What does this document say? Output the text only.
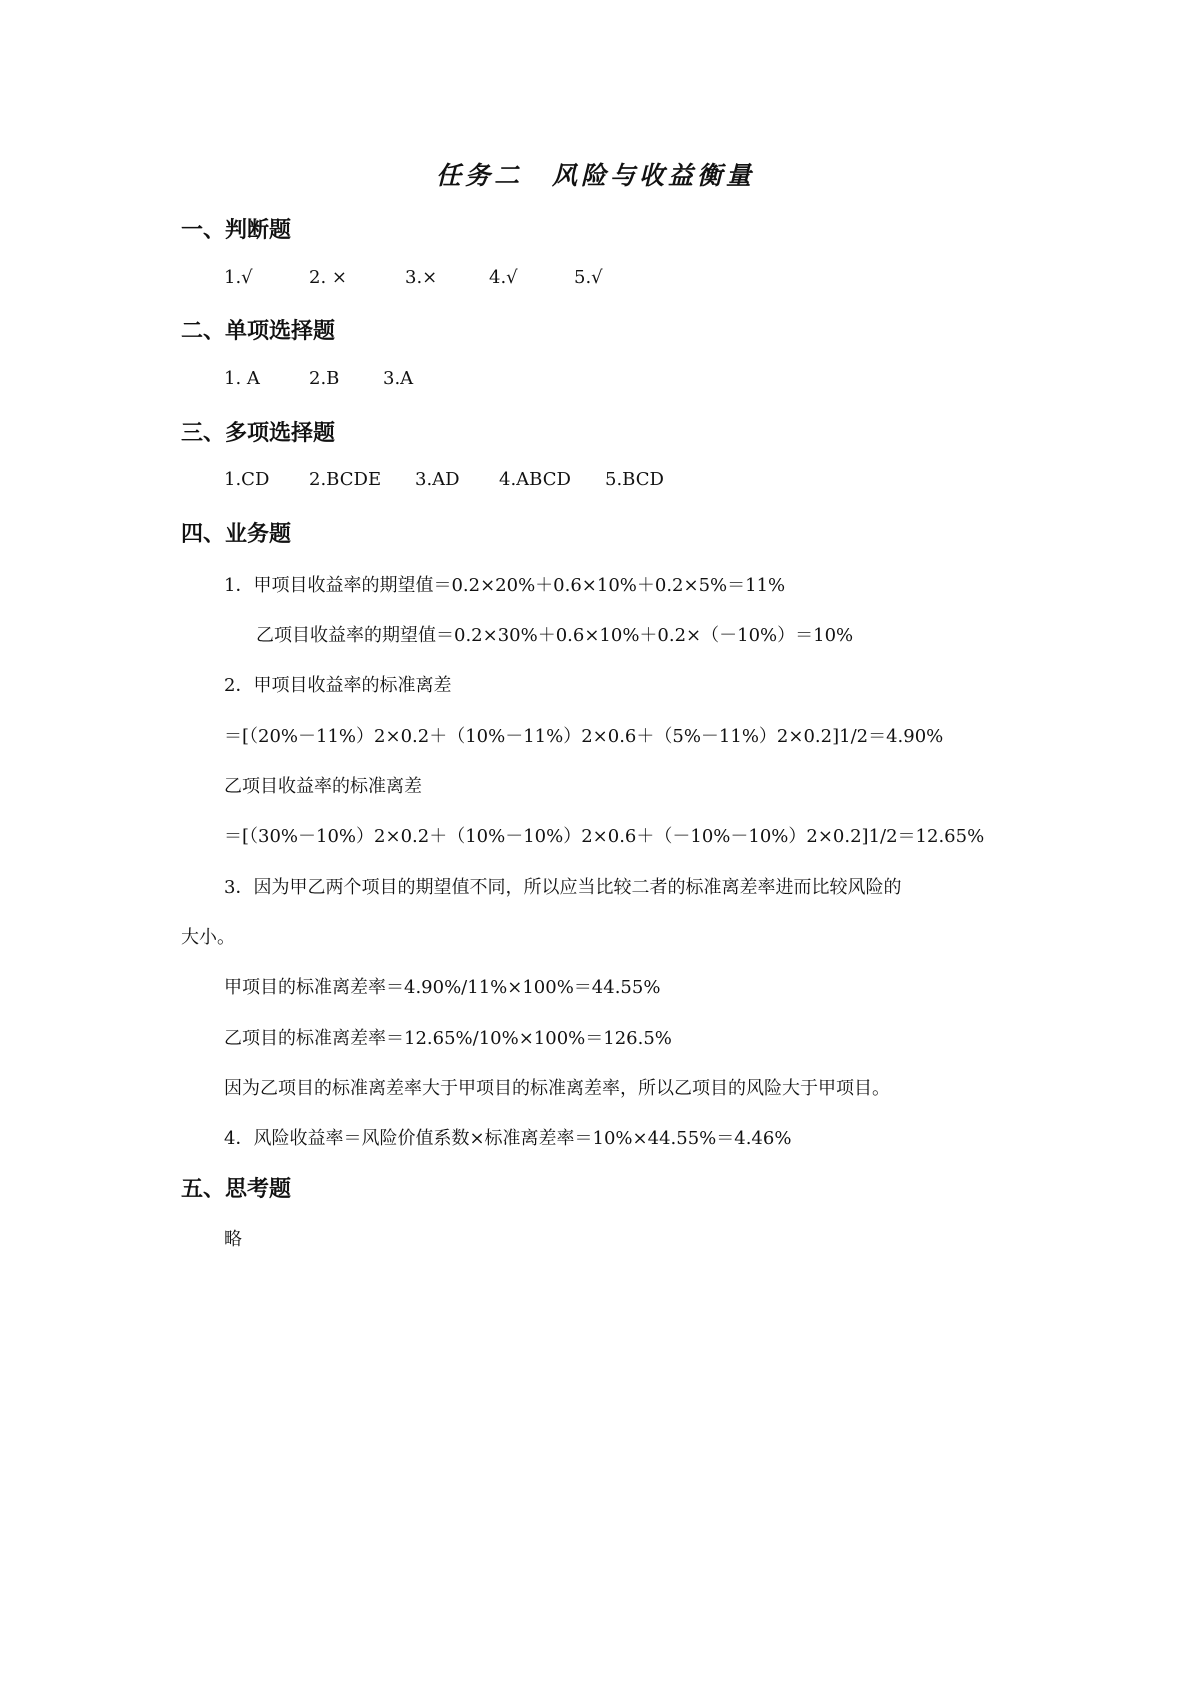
任务二　风险与收益衡量
一、判断题
1.√	2. ×	3.×	4.√	5.√
二、单项选择题
1. A	2.B 3.A
三、多项选择题
1.CD 2.BCDE 3.AD 4.ABCD 5.BCD
四、业务题
1．甲项目收益率的期望值＝0.2×20%＋0.6×10%＋0.2×5%＝11%
乙项目收益率的期望值＝0.2×30%＋0.6×10%＋0.2×（－10%）＝10%
2．甲项目收益率的标准离差
＝[（20%－11%）2×0.2＋（10%－11%）2×0.6＋（5%－11%）2×0.2]1/2＝4.90%
乙项目收益率的标准离差
＝[（30%－10%）2×0.2＋（10%－10%）2×0.6＋（－10%－10%）2×0.2]1/2＝12.65%
3．因为甲乙两个项目的期望值不同，所以应当比较二者的标准离差率进而比较风险的
大小。
甲项目的标准离差率＝4.90%/11%×100%＝44.55%
乙项目的标准离差率＝12.65%/10%×100%＝126.5%
因为乙项目的标准离差率大于甲项目的标准离差率，所以乙项目的风险大于甲项目。
4．风险收益率＝风险价值系数×标准离差率＝10%×44.55%＝4.46%
五、思考题
略
